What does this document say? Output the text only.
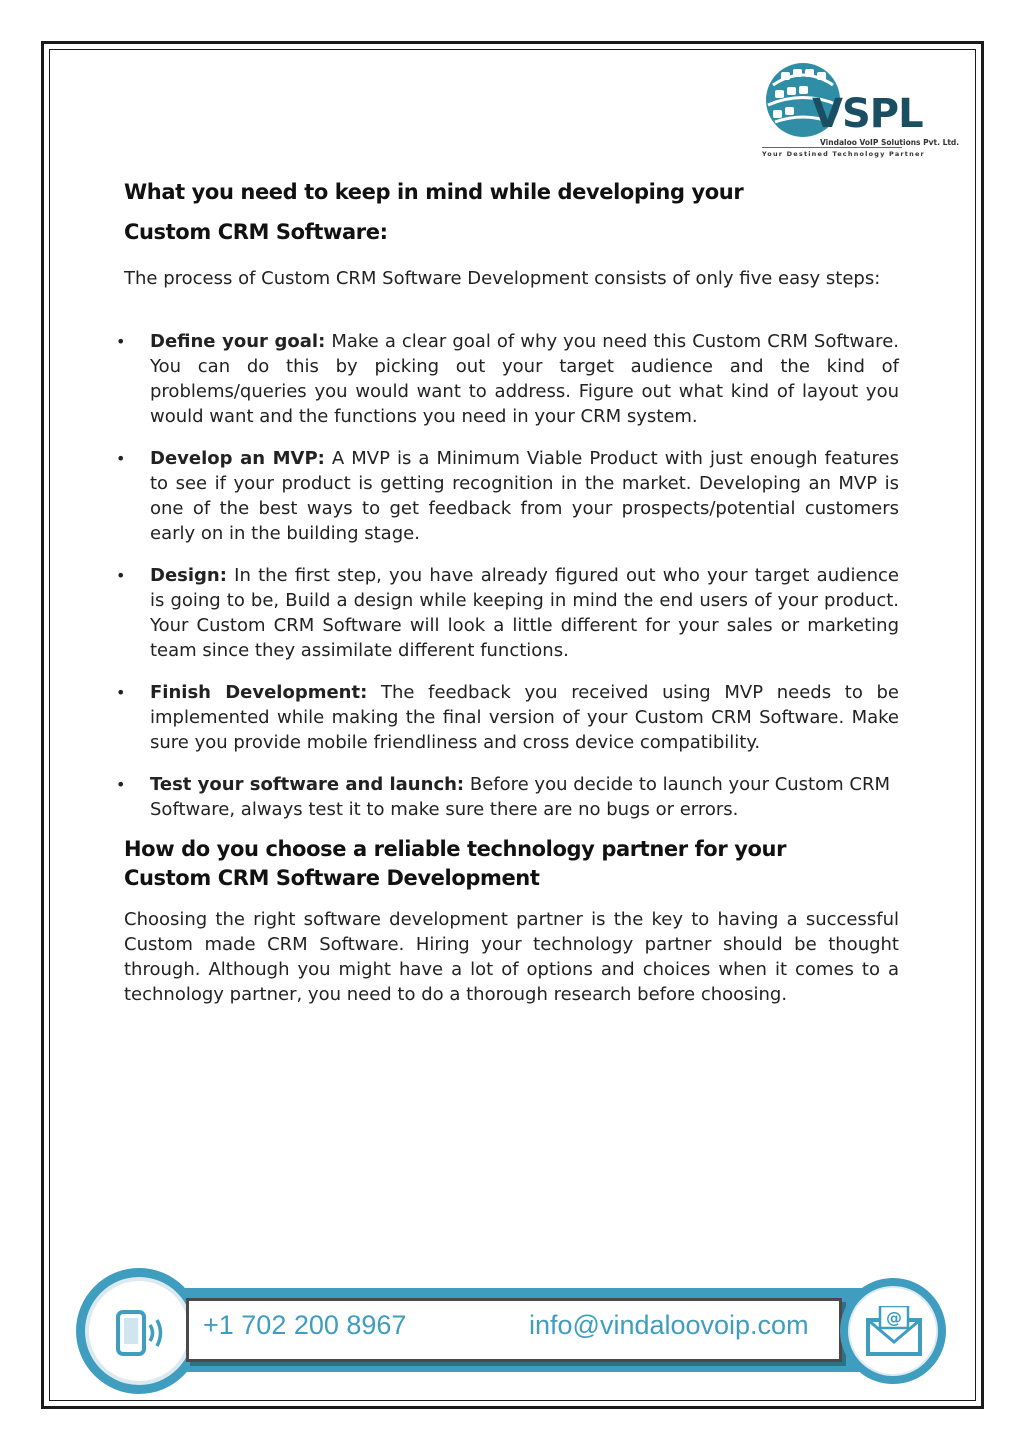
VSPL
Vindaloo VoIP Solutions Pvt. Ltd.
Your Destined Technology Partner
What you need to keep in mind while developing your
Custom CRM Software:

The process of Custom CRM Software Development consists of only five easy steps:

• Define your goal: Make a clear goal of why you need this Custom CRM Software. You can do this by picking out your target audience and the kind of problems/queries you would want to address. Figure out what kind of layout you would want and the functions you need in your CRM system.
• Develop an MVP: A MVP is a Minimum Viable Product with just enough features to see if your product is getting recognition in the market. Developing an MVP is one of the best ways to get feedback from your prospects/potential customers early on in the building stage.
• Design: In the first step, you have already figured out who your target audience is going to be, Build a design while keeping in mind the end users of your product. Your Custom CRM Software will look a little different for your sales or marketing team since they assimilate different functions.
• Finish Development: The feedback you received using MVP needs to be implemented while making the final version of your Custom CRM Software. Make sure you provide mobile friendliness and cross device compatibility.
• Test your software and launch: Before you decide to launch your Custom CRM Software, always test it to make sure there are no bugs or errors.
How do you choose a reliable technology partner for your
Custom CRM Software Development

Choosing the right software development partner is the key to having a successful Custom made CRM Software. Hiring your technology partner should be thought through. Although you might have a lot of options and choices when it comes to a technology partner, you need to do a thorough research before choosing.

+1 702 200 8967	info@vindaloovoip.com	@
